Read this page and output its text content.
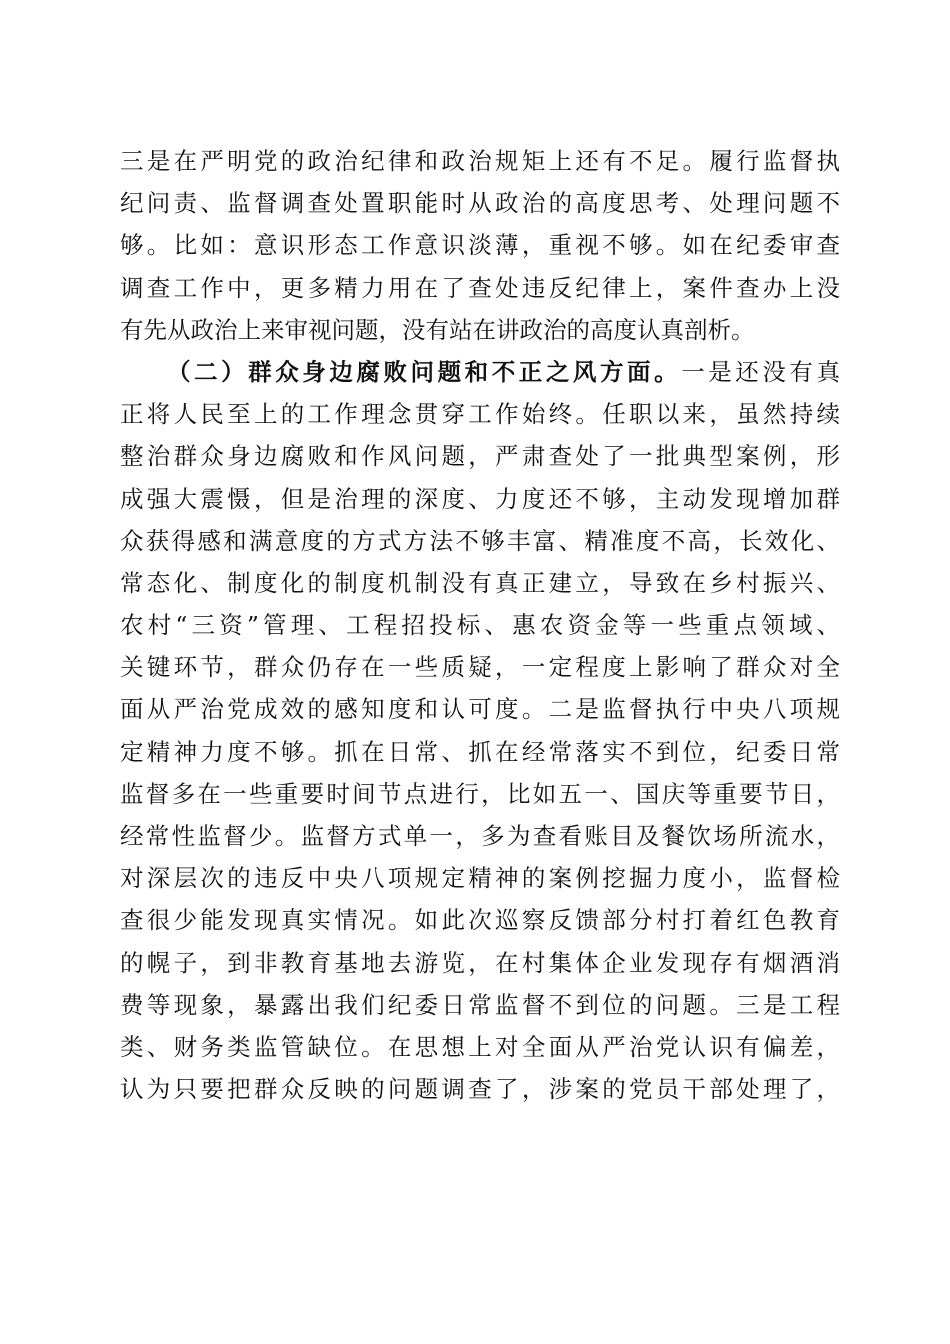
三是在严明党的政治纪律和政治规矩上还有不足。履行监督执
纪问责、监督调查处置职能时从政治的高度思考、处理问题不
够。比如：意识形态工作意识淡薄，重视不够。如在纪委审查
调查工作中，更多精力用在了查处违反纪律上，案件查办上没
有先从政治上来审视问题，没有站在讲政治的高度认真剖析。
（二）群众身边腐败问题和不正之风方面。一是还没有真
正将人民至上的工作理念贯穿工作始终。任职以来，虽然持续
整治群众身边腐败和作风问题，严肃查处了一批典型案例，形
成强大震慑，但是治理的深度、力度还不够，主动发现增加群
众获得感和满意度的方式方法不够丰富、精准度不高，长效化、
常态化、制度化的制度机制没有真正建立，导致在乡村振兴、
农村“三资”管理、工程招投标、惠农资金等一些重点领域、
关键环节，群众仍存在一些质疑，一定程度上影响了群众对全
面从严治党成效的感知度和认可度。二是监督执行中央八项规
定精神力度不够。抓在日常、抓在经常落实不到位，纪委日常
监督多在一些重要时间节点进行，比如五一、国庆等重要节日，
经常性监督少。监督方式单一，多为查看账目及餐饮场所流水，
对深层次的违反中央八项规定精神的案例挖掘力度小，监督检
查很少能发现真实情况。如此次巡察反馈部分村打着红色教育
的幌子，到非教育基地去游览，在村集体企业发现存有烟酒消
费等现象，暴露出我们纪委日常监督不到位的问题。三是工程
类、财务类监管缺位。在思想上对全面从严治党认识有偏差，
认为只要把群众反映的问题调查了，涉案的党员干部处理了，
